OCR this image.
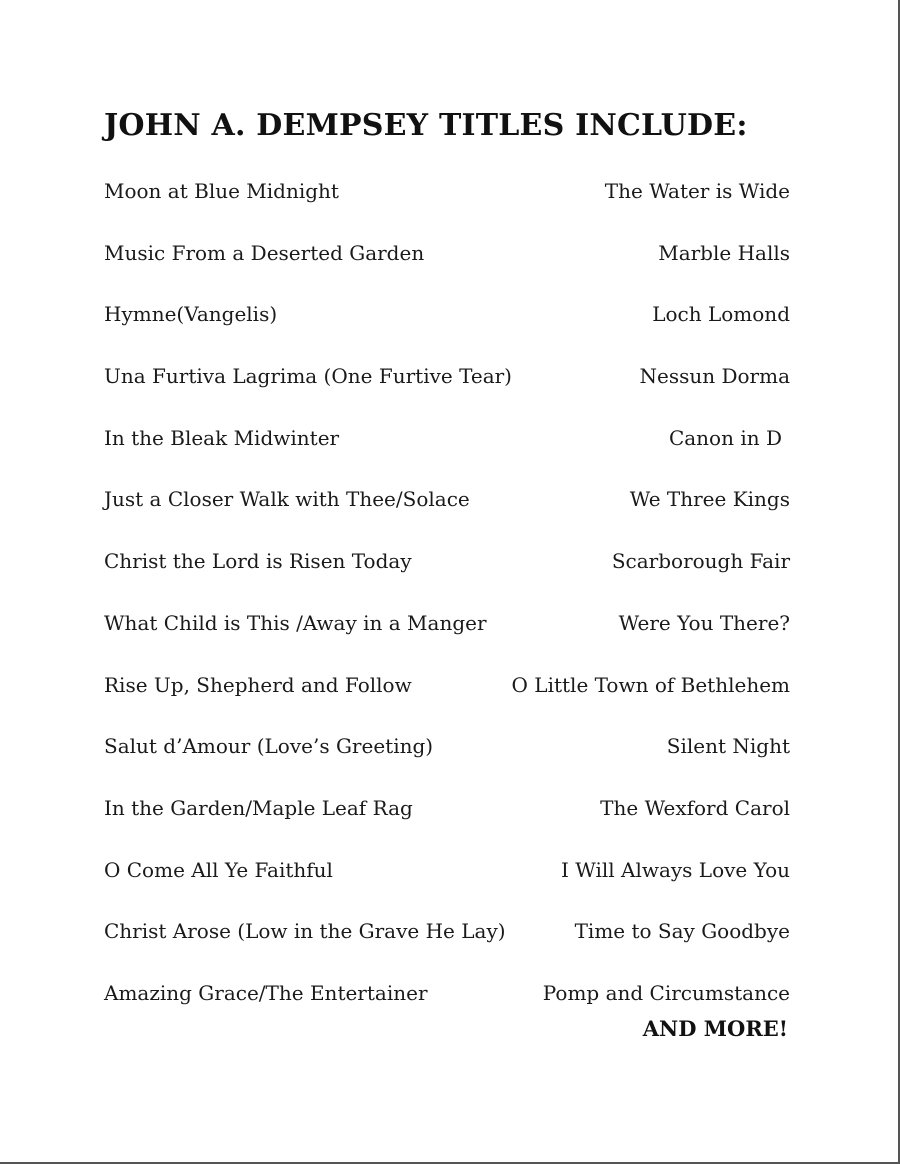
JOHN A. DEMPSEY TITLES INCLUDE:
Moon at Blue Midnight	The Water is Wide
Music From a Deserted Garden	Marble Halls
Hymne(Vangelis)	Loch Lomond
Una Furtiva Lagrima (One Furtive Tear)	Nessun Dorma
In the Bleak Midwinter	Canon in D
Just a Closer Walk with Thee/Solace	We Three Kings
Christ the Lord is Risen Today	Scarborough Fair
What Child is This /Away in a Manger	Were You There?
Rise Up, Shepherd and Follow	O Little Town of Bethlehem
Salut d’Amour (Love’s Greeting)	Silent Night
In the Garden/Maple Leaf Rag	The Wexford Carol
O Come All Ye Faithful	I Will Always Love You
Christ Arose (Low in the Grave He Lay)	Time to Say Goodbye
Amazing Grace/The Entertainer	Pomp and Circumstance
AND MORE!
